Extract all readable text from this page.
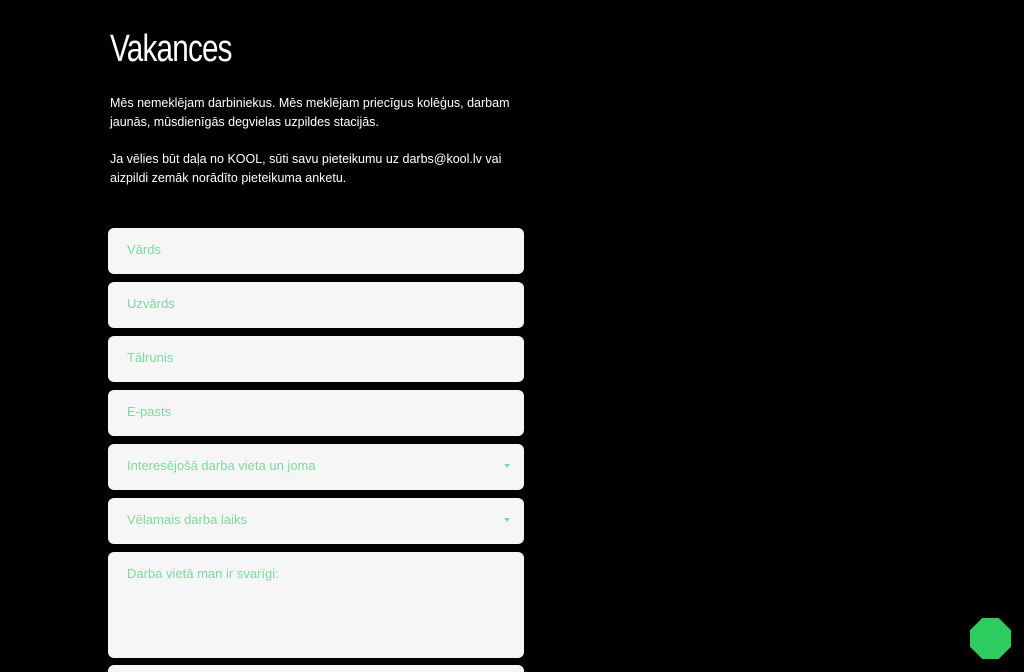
Vakances

Mēs nemeklējam darbiniekus. Mēs meklējam priecīgus kolēģus, darbam jaunās, mūsdienīgās degvielas uzpildes stacijās.

Ja vēlies būt daļa no KOOL, sūti savu pieteikumu uz darbs@kool.lv vai aizpildi zemāk norādīto pieteikuma anketu.

Vārds
Uzvārds
Tālrunis
E-pasts
Interesējošā darba vieta un joma
Vēlamais darba laiks
Darba vietā man ir svarīgi:
